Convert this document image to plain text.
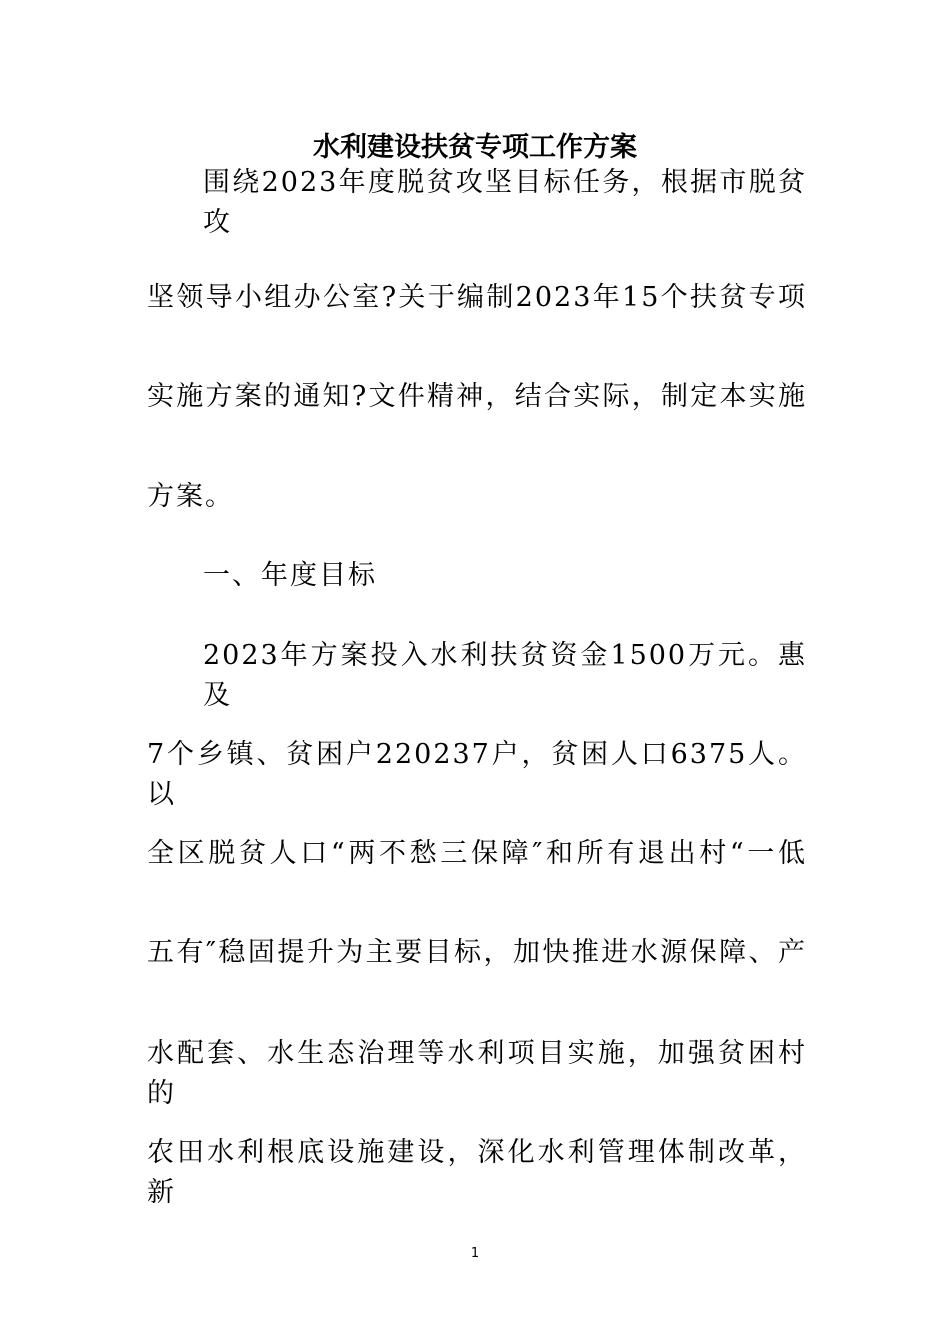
水利建设扶贫专项工作方案
围绕2023年度脱贫攻坚目标任务，根据市脱贫攻
坚领导小组办公室?关于编制2023年15个扶贫专项
实施方案的通知?文件精神，结合实际，制定本实施
方案。
一、年度目标
2023年方案投入水利扶贫资金1500万元。惠及
7个乡镇、贫困户220237户，贫困人口6375人。以
全区脱贫人口“两不愁三保障″和所有退出村“一低
五有″稳固提升为主要目标，加快推进水源保障、产
水配套、水生态治理等水利项目实施，加强贫困村的
农田水利根底设施建设，深化水利管理体制改革，新
1
